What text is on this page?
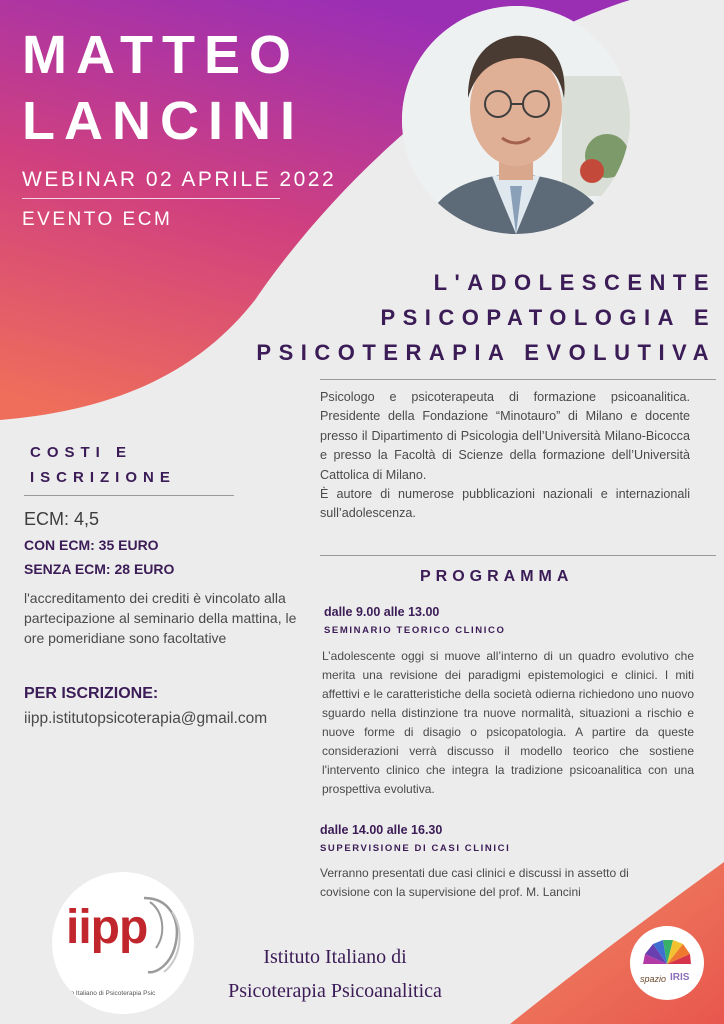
MATTEO
LANCINI
WEBINAR 02 APRILE 2022
EVENTO ECM
L'ADOLESCENTE
PSICOPATOLOGIA E
PSICOTERAPIA EVOLUTIVA

Psicologo e psicoterapeuta di formazione psicoanalitica. Presidente della Fondazione “Minotauro” di Milano e docente presso il Dipartimento di Psicologia dell’Università Milano-Bicocca e presso la Facoltà di Scienze della formazione dell’Università Cattolica di Milano.

È autore di numerose pubblicazioni nazionali e internazionali sull’adolescenza.

COSTI E
ISCRIZIONE
ECM: 4,5
CON ECM: 35 EURO
SENZA ECM: 28 EURO
l'accreditamento dei crediti è vincolato alla partecipazione al seminario della mattina, le ore pomeridiane sono facoltative
PER ISCRIZIONE:
iipp.istitutopsicoterapia@gmail.com
PROGRAMMA
dalle 9.00 alle 13.00
SEMINARIO TEORICO CLINICO
L’adolescente oggi si muove all’interno di un quadro evolutivo che merita una revisione dei paradigmi epistemologici e clinici. I miti affettivi e le caratteristiche della società odierna richiedono uno nuovo sguardo nella distinzione tra nuove normalità, situazioni a rischio e nuove forme di disagio o psicopatologia. A partire da queste considerazioni verrà discusso il modello teorico che sostiene l'intervento clinico che integra la tradizione psicoanalitica con una prospettiva evolutiva.
dalle 14.00 alle 16.30
SUPERVISIONE DI CASI CLINICI
Verranno presentati due casi clinici e discussi in assetto di covisione con la supervisione del prof. M. Lancini
iipp
tituto Italiano di Psicoterapia Psic
Istituto Italiano di
Psicoterapia Psicoanalitica
spazio IRIS
